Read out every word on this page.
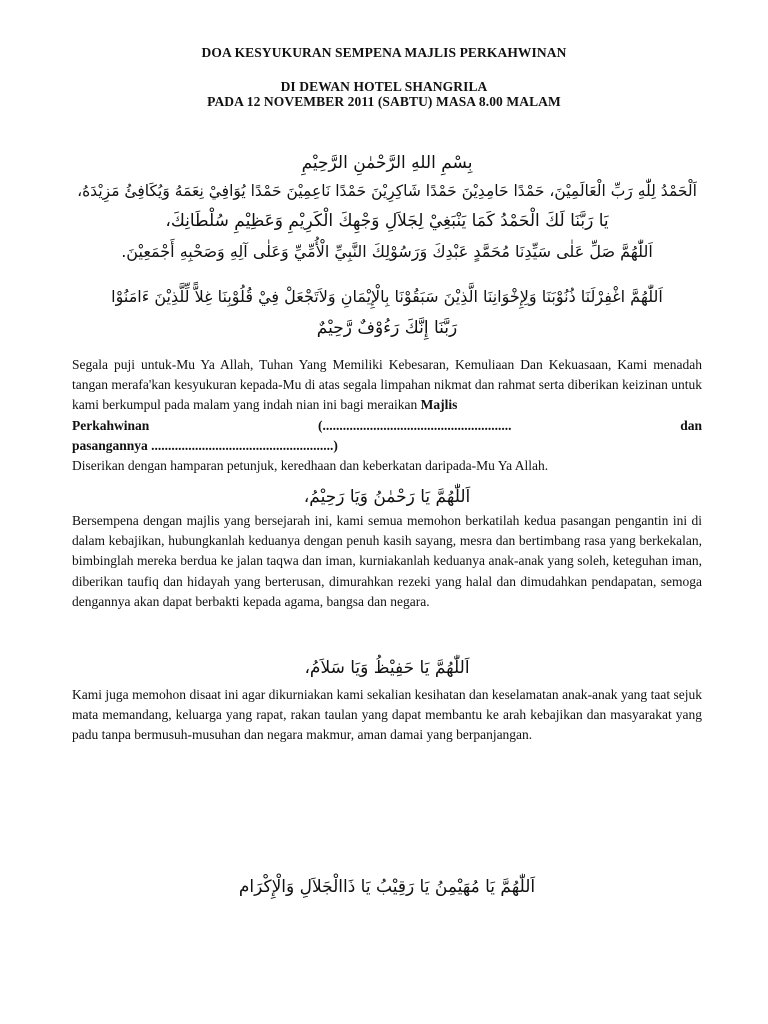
DOA KESYUKURAN SEMPENA MAJLIS PERKAHWINAN

DI DEWAN HOTEL SHANGRILA

PADA 12 NOVEMBER 2011 (SABTU) MASA 8.00 MALAM

بِسْمِ اللهِ الرَّحْمٰنِ الرَّحِيْمِ

اَلْحَمْدُ لِلّٰهِ رَبِّ الْعَالَمِيْنَ، حَمْدًا حَامِدِيْنَ حَمْدًا شَاكِرِيْنَ حَمْدًا نَاعِمِيْنَ حَمْدًا يُوَافِيْ نِعَمَهُ وَيُكَافِئُ مَزِيْدَهُ،

يَا رَبَّنَا لَكَ الْحَمْدُ كَمَا يَنْبَغِيْ لِجَلاَلِ وَجْهِكَ الْكَرِيْمِ وَعَظِيْمِ سُلْطَانِكَ،

اَللّٰهُمَّ صَلِّ عَلٰى سَيِّدِنَا مُحَمَّدٍ عَبْدِكَ وَرَسُوْلِكَ النَّبِيِّ الْأُمِّيِّ وَعَلٰى آلِهِ وَصَحْبِهِ أَجْمَعِيْنَ.

اَللّٰهُمَّ اغْفِرْلَنَا ذُنُوْبَنَا وَلِإِخْوَانِنَا الَّذِيْنَ سَبَقُوْنَا بِالْإِيْمَانِ وَلاَتَجْعَلْ فِيْ قُلُوْبِنَا غِلاًّ لِّلَّذِيْنَ ءَامَنُوْا

رَبَّنَا إِنَّكَ رَءُوْفٌ رَّحِيْمٌ

Segala puji untuk-Mu Ya Allah, Tuhan Yang Memiliki Kebesaran, Kemuliaan Dan Kekuasaan, Kami menadah tangan merafa'kan kesyukuran kepada-Mu di atas segala limpahan nikmat dan rahmat serta diberikan keizinan untuk kami berkumpul pada malam yang indah nian ini bagi meraikan Majlis

Perkahwinan	(........................................................	dan
pasangannya ......................................................)
Diserikan dengan hamparan petunjuk, keredhaan dan keberkatan daripada-Mu Ya Allah.

اَللّٰهُمَّ يَا رَحْمٰنُ وَيَا رَحِيْمُ،

Bersempena dengan majlis yang bersejarah ini, kami semua memohon berkatilah kedua pasangan pengantin ini di dalam kebajikan, hubungkanlah keduanya dengan penuh kasih sayang, mesra dan bertimbang rasa yang berkekalan, bimbinglah mereka berdua ke jalan taqwa dan iman, kurniakanlah keduanya anak-anak yang soleh, keteguhan iman, diberikan taufiq dan hidayah yang berterusan, dimurahkan rezeki yang halal dan dimudahkan pendapatan, semoga dengannya akan dapat berbakti kepada agama, bangsa dan negara.

اَللّٰهُمَّ يَا حَفِيْظُ وَيَا سَلاَمُ،

Kami juga memohon disaat ini agar dikurniakan kami sekalian kesihatan dan keselamatan anak-anak yang taat sejuk mata memandang, keluarga yang rapat, rakan taulan yang dapat membantu ke arah kebajikan dan masyarakat yang padu tanpa bermusuh-musuhan dan negara makmur, aman damai yang berpanjangan.

اَللّٰهُمَّ يَا مُهَيْمِنُ يَا رَقِيْبُ يَا ذَاالْجَلاَلِ وَالْإِكْرَام
